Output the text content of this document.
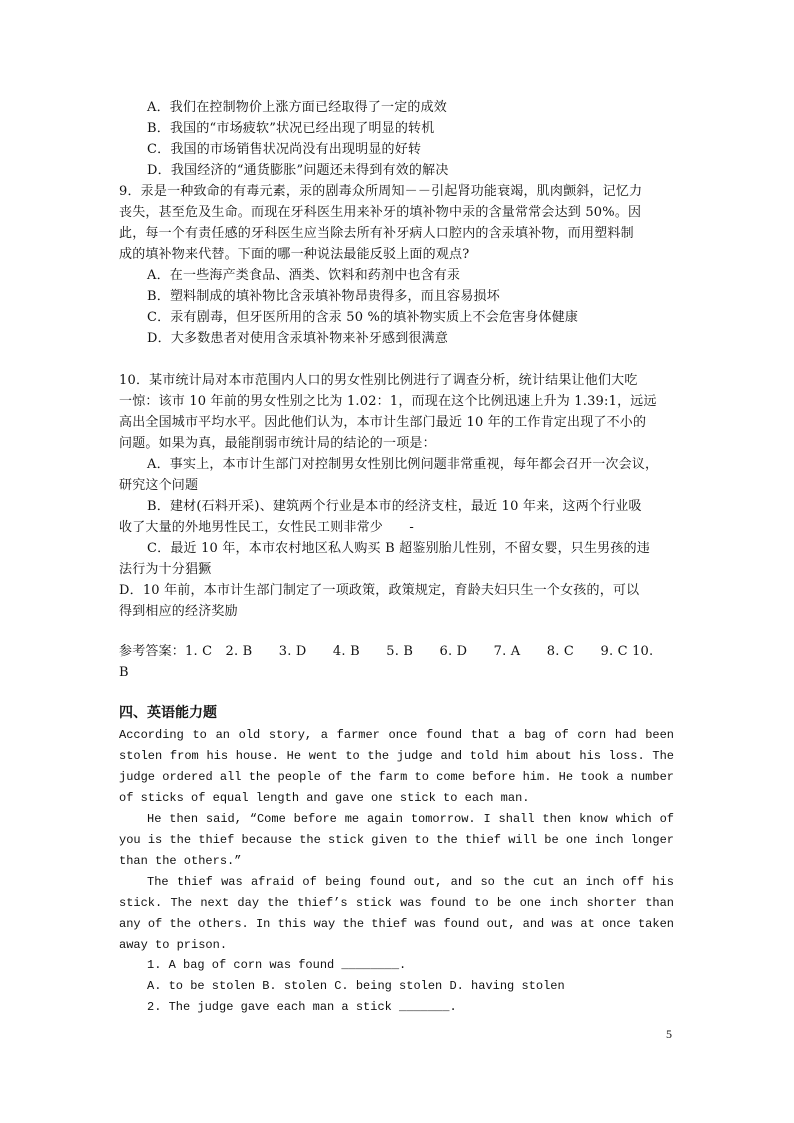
A．我们在控制物价上涨方面已经取得了一定的成效
B．我国的“市场疲软”状况已经出现了明显的转机
C．我国的市场销售状况尚没有出现明显的好转
D．我国经济的“通货膨胀”问题还未得到有效的解决
9．汞是一种致命的有毒元素，汞的剧毒众所周知－－引起肾功能衰竭，肌肉颤斜，记忆力
丧失，甚至危及生命。而现在牙科医生用来补牙的填补物中汞的含量常常会达到 50%。因
此，每一个有责任感的牙科医生应当除去所有补牙病人口腔内的含汞填补物，而用塑料制
成的填补物来代替。下面的哪一种说法最能反驳上面的观点?
A．在一些海产类食品、酒类、饮料和药剂中也含有汞
B．塑料制成的填补物比含汞填补物昂贵得多，而且容易损坏
C．汞有剧毒，但牙医所用的含汞 50 %的填补物实质上不会危害身体健康
D．大多数患者对使用含汞填补物来补牙感到很满意
10．某市统计局对本市范围内人口的男女性别比例进行了调查分析，统计结果让他们大吃
一惊：该市 10 年前的男女性别之比为 1.02：1，而现在这个比例迅速上升为 1.39:1，远远
高出全国城市平均水平。因此他们认为，本市计生部门最近 10 年的工作肯定出现了不小的
问题。如果为真，最能削弱市统计局的结论的一项是：
A．事实上，本市计生部门对控制男女性别比例问题非常重视，每年都会召开一次会议，
研究这个问题
B．建材(石料开采)、建筑两个行业是本市的经济支柱，最近 10 年来，这两个行业吸
收了大量的外地男性民工，女性民工则非常少　　-
C．最近 10 年，本市农村地区私人购买 B 超鉴别胎儿性别，不留女婴，只生男孩的违
法行为十分猖獗
D．10 年前，本市计生部门制定了一项政策，政策规定，育龄夫妇只生一个女孩的，可以
得到相应的经济奖励
参考答案：1. C　2. B　　3. D　　4. B　　5. B　　6. D　　7. A　　8. C　　9. C 10.
B
四、英语能力题
According to an old story, a farmer once found that a bag of corn had been
stolen from his house. He went to the judge and told him about his loss. The
judge ordered all the people of the farm to come before him. He took a number
of sticks of equal length and gave one stick to each man.
He then said, “Come before me again tomorrow. I shall then know which of
you is the thief because the stick given to the thief will be one inch longer
than the others.”
The thief was afraid of being found out, and so the cut an inch off his
stick. The next day the thief’s stick was found to be one inch shorter than
any of the others. In this way the thief was found out, and was at once taken
away to prison.
1. A bag of corn was found ________.
A. to be stolen B. stolen C. being stolen D. having stolen
2. The judge gave each man a stick _______.
5
